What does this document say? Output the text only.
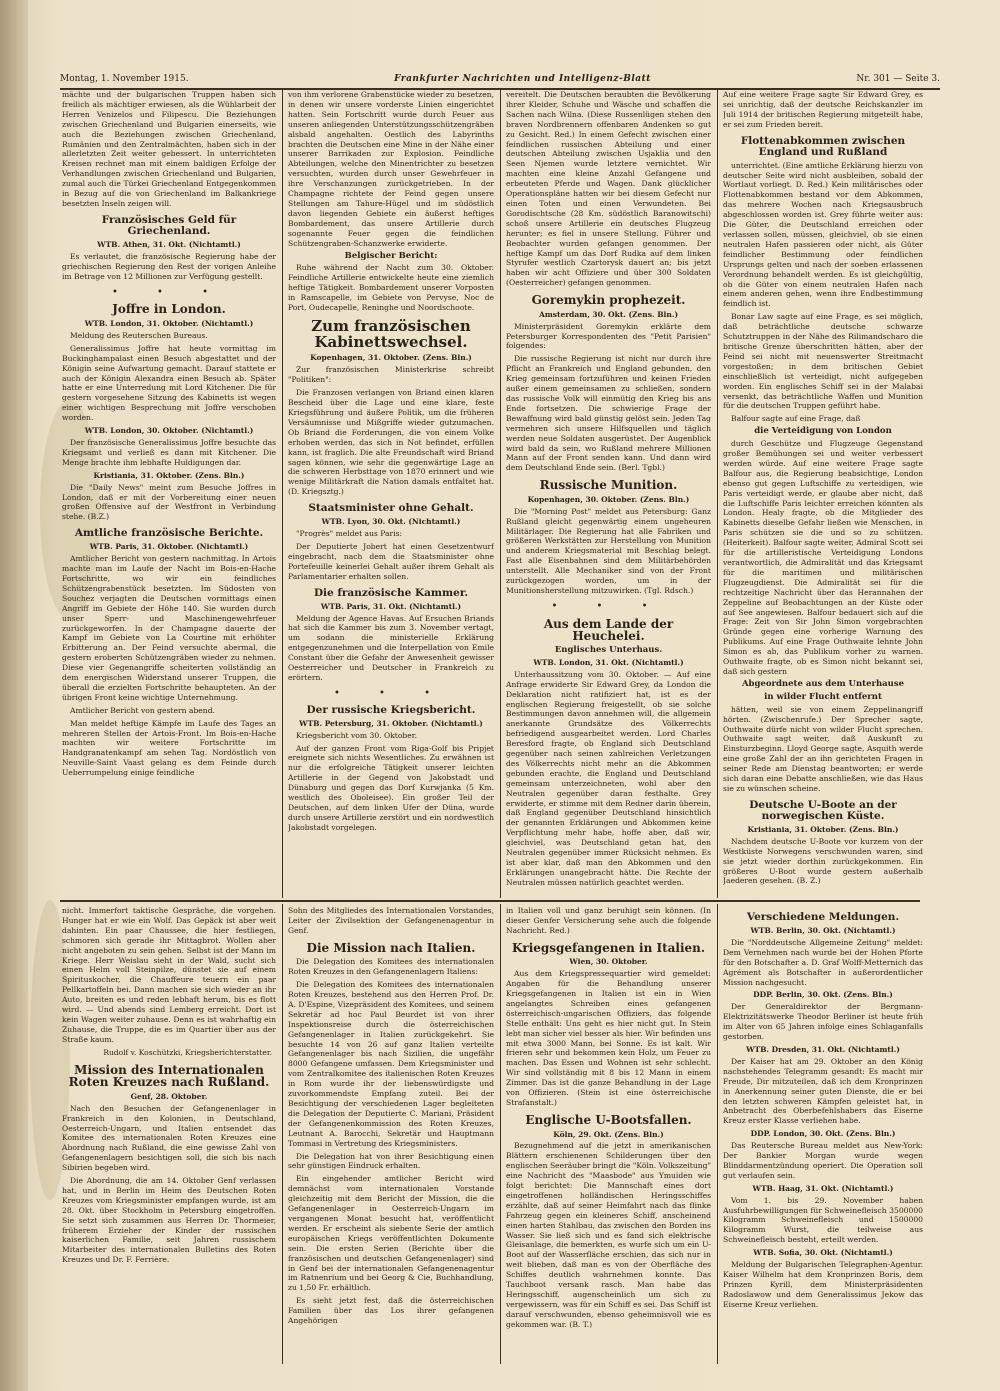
Montag, 1. November 1915.	Frankfurter Nachrichten und Intelligenz-Blatt	Nr. 301 — Seite 3.

mächte und der bulgarischen Truppen haben sich freilich als mächtiger erwiesen, als die Wühlarbeit der Herren Venizelos und Filipescu. Die Beziehungen zwischen Griechenland und Bulgarien einerseits, wie auch die Beziehungen zwischen Griechenland, Rumänien und den Zentralmächten, haben sich in der allerletzten Zeit weiter gebessert. In unterrichteten Kreisen rechnet man mit einem baldigen Erfolge der Verhandlungen zwischen Griechenland und Bulgarien, zumal auch die Türkei Griechenland Entgegenkommen in Bezug auf die von Griechenland im Balkankriege besetzten Inseln zeigen will.

Französisches Geld für Griechenland.
WTB. Athen, 31. Okt. (Nichtamtl.)

Es verlautet, die französische Regierung habe der griechischen Regierung den Rest der vorigen Anleihe im Betrage von 12 Millionen zur Verfügung gestellt.

• • •
Joffre in London.
WTB. London, 31. Oktober. (Nichtamtl.)

Meldung des Reuterschen Bureaus.

Generalissimus Joffre hat heute vormittag im Buckinghampalast einen Besuch abgestattet und der Königin seine Aufwartung gemacht. Darauf stattete er auch der Königin Alexandra einen Besuch ab. Später hatte er eine Unterredung mit Lord Kitchener. Die für gestern vorgesehene Sitzung des Kabinetts ist wegen einer wichtigen Besprechung mit Joffre verschoben worden.

WTB. London, 30. Oktober. (Nichtamtl.)

Der französische Generalissimus Joffre besuchte das Kriegsamt und verließ es dann mit Kitchener. Die Menge brachte ihm lebhafte Huldigungen dar.

Kristiania, 31. Oktober. (Zens. Bln.)

Die "Daily News" meint zum Besuche Joffres in London, daß er mit der Vorbereitung einer neuen großen Offensive auf der Westfront in Verbindung stehe. (B.Z.)

Amtliche französische Berichte.
WTB. Paris, 31. Oktober. (Nichtamtl.)

Amtlicher Bericht von gestern nachmittag. In Artois machte man im Laufe der Nacht im Bois-en-Hache Fortschritte, wo wir ein feindliches Schützengrabenstück besetzten. Im Südosten von Souchez verjagten die Deutschen vormittags einen Angriff im Gebiete der Höhe 140. Sie wurden durch unser Sperr- und Maschinengewehrfeuer zurückgeworfen. In der Champagne dauerte der Kampf im Gebiete von La Courtine mit erhöhter Erbitterung an. Der Feind versuchte abermal, die gestern eroberten Schützengräben wieder zu nehmen. Diese vier Gegenangriffe scheiterten vollständig an dem energischen Widerstand unserer Truppen, die überall die erzielten Fortschritte behaupteten. An der übrigen Front keine wichtige Unternehmung.

Amtlicher Bericht von gestern abend.

Man meldet heftige Kämpfe im Laufe des Tages an mehreren Stellen der Artois-Front. Im Bois-en-Hache machten wir weitere Fortschritte im Handgranatenkampf am sehen Tag. Nordöstlich von Neuville-Saint Vaast gelang es dem Feinde durch Ueberrumpelung einige feindliche

von ihm verlorene Grabenstücke wieder zu besetzen, in denen wir unsere vorderste Linien eingerichtet hatten. Sein Fortschritt wurde durch Feuer aus unseren anliegenden Unterstützungsschützengräben alsbald angehalten. Oestlich des Labyrinths brachten die Deutschen eine Mine in der Nähe einer unserer Barrikaden zur Explosion. Feindliche Abteilungen, welche den Minentrichter zu besetzen versuchten, wurden durch unser Gewehrfeuer in ihre Verschanzungen zurückgetrieben. In der Champagne richtete der Feind gegen unsere Stellungen am Tahure-Hügel und im südöstlich davon liegenden Gebiete ein äußerst heftiges Bombardement, das unsere Artillerie durch sogenannte Feuer gegen die feindlichen Schützengraben-Schanzwerke erwiderte.

Belgischer Bericht:

Ruhe während der Nacht zum 30. Oktober. Feindliche Artillerie entwickelte heute eine ziemlich heftige Tätigkeit. Bombardement unserer Vorposten in Ramscapelle, im Gebiete von Pervyse, Noc de Port, Oudecapelle, Reninghe und Noordschoote.

Zum französischen Kabinettswechsel.
Kopenhagen, 31. Oktober. (Zens. Bln.)

Zur französischen Ministerkrise schreibt "Politiken":

Die Franzosen verlangen von Briand einen klaren Bescheid über die Lage und eine klare, feste Kriegsführung und äußere Politik, um die früheren Versäumnisse und Mißgriffe wieder gutzumachen. Ob Briand die Forderungen, die von einem Volke erhoben werden, das sich in Not befindet, erfüllen kann, ist fraglich. Die alte Freundschaft wird Briand sagen können, wie sehr die gegenwärtige Lage an die schweren Herbsttage von 1870 erinnert und wie wenige Militärkraft die Nation damals entfaltet hat. (D. Kriegsztg.)

Staatsminister ohne Gehalt.
WTB. Lyon, 30. Okt. (Nichtamtl.)

"Progrès" meldet aus Paris:

Der Deputierte Jobert hat einen Gesetzentwurf eingebracht, nach dem die Staatsminister ohne Portefeuille keinerlei Gehalt außer ihrem Gehalt als Parlamentarier erhalten sollen.

Die französische Kammer.
WTB. Paris, 31. Okt. (Nichtamtl.)

Meldung der Agence Havas. Auf Ersuchen Briands hat sich die Kammer bis zum 3. November vertagt, um sodann die ministerielle Erklärung entgegenzunehmen und die Interpellation von Emile Constant über die Gefahr der Anwesenheit gewisser Oesterreicher und Deutscher in Frankreich zu erörtern.

• • •
Der russische Kriegsbericht.
WTB. Petersburg, 31. Oktober. (Nichtamtl.)

Kriegsbericht vom 30. Oktober.

Auf der ganzen Front vom Riga-Golf bis Pripjet ereignete sich nichts Wesentliches. Zu erwähnen ist nur die erfolgreiche Tätigkeit unserer leichten Artillerie in der Gegend von Jakobstadt und Dünaburg und gegen das Dorf Kurwjanka (5 Km. westlich des Oboleisee). Ein großer Teil der Deutschen, auf dem linken Ufer der Düna, wurde durch unsere Artillerie zerstört und ein nordwestlich Jakobstadt vorgelegen.

vereitelt. Die Deutschen beraubten die Bevölkerung ihrer Kleider, Schuhe und Wäsche und schaffen die Sachen nach Wilna. (Diese Russenlügen stehen den braven Nordbrennern offenbaren Andenken so gut zu Gesicht. Red.) In einem Gefecht zwischen einer feindlichen russischen Abteilung und einer deutschen Abteilung zwischen Usjaklia und den Seen Njemen wurde letztere vernichtet. Wir machten eine kleine Anzahl Gefangene und erbeuteten Pferde und Wagen. Dank glücklicher Operationspläne hatten wir bei diesem Gefecht nur einen Toten und einen Verwundeten. Bei Gorodischtsche (28 Km. südöstlich Baranowitschi) schoß unsere Artillerie ein deutsches Flugzeug herunter; es fiel in unsere Stellung. Führer und Beobachter wurden gefangen genommen. Der heftige Kampf um das Dorf Rudka auf dem linken Styrufer westlich Czartorysk dauert an; bis jetzt haben wir acht Offiziere und über 300 Soldaten (Oesterreicher) gefangen genommen.

Goremykin prophezeit.
Amsterdam, 30. Okt. (Zens. Bln.)

Ministerpräsident Goremykin erklärte dem Petersburger Korrespondenten des "Petit Parisien" folgendes:

Die russische Regierung ist nicht nur durch ihre Pflicht an Frankreich und England gebunden, den Krieg gemeinsam fortzuführen und keinen Frieden außer einem gemeinsamen zu schließen, sondern das russische Volk will einmütig den Krieg bis ans Ende fortsetzen. Die schwierige Frage der Bewaffnung wird bald günstig gelöst sein. Jeden Tag vermehren sich unsere Hilfsquellen und täglich werden neue Soldaten ausgerüstet. Der Augenblick wird bald da sein, wo Rußland mehrere Millionen Mann auf der Front senden kann. Und dann wird dem Deutschland Ende sein. (Berl. Tgbl.)

Russische Munition.
Kopenhagen, 30. Oktober. (Zens. Bln.)

Die "Morning Post" meldet aus Petersburg: Ganz Rußland gleicht gegenwärtig einem ungeheuren Militärlager. Die Regierung hat alle Fabriken und größeren Werkstätten zur Herstellung von Munition und anderem Kriegsmaterial mit Beschlag belegt. Fast alle Eisenbahnen sind dem Militärbehörden unterstellt. Alle Mechaniker sind von der Front zurückgezogen worden, um in der Munitionsherstellung mitzuwirken. (Tgl. Rdsch.)

• • •
Aus dem Lande der Heuchelei.
Englisches Unterhaus.
WTB. London, 31. Okt. (Nichtamtl.)

Unterhaussitzung vom 30. Oktober. — Auf eine Anfrage erwiderte Sir Edward Grey, da London die Deklaration nicht ratifiziert hat, ist es der englischen Regierung freigestellt, ob sie solche Bestimmungen davon annehmen will, die allgemein anerkannte Grundsätze des Völkerrechts befriedigend ausgearbeitet werden. Lord Charles Beresford fragte, ob England sich Deutschland gegenüber nach seinen zahlreichen Verletzungen des Völkerrechts nicht mehr an die Abkommen gebunden erachte, die England und Deutschland gemeinsam unterzeichneten, wohl aber den Neutralen gegenüber daran festhalte. Grey erwiderte, er stimme mit dem Redner darin überein, daß England gegenüber Deutschland hinsichtlich der genannten Erklärungen und Abkommen keine Verpflichtung mehr habe, hoffe aber, daß wir, gleichviel, was Deutschland getan hat, den Neutralen gegenüber immer Rücksicht nehmen. Es ist aber klar, daß man den Abkommen und den Erklärungen unangebracht hätte. Die Rechte der Neutralen müssen natürlich geachtet werden.

Auf eine weitere Frage sagte Sir Edward Grey, es sei unrichtig, daß der deutsche Reichskanzler im Juli 1914 der britischen Regierung mitgeteilt habe, er sei zum Frieden bereit.

Flottenabkommen zwischen England und Rußland

unterrichtet. (Eine amtliche Erklärung hierzu von deutscher Seite wird nicht ausbleiben, sobald der Wortlaut vorliegt. D. Red.) Kein militärisches oder Flottenabkommen bestand vor dem Abkommen, das mehrere Wochen nach Kriegsausbruch abgeschlossen worden ist. Grey führte weiter aus: Die Güter, die Deutschland erreichen oder verlassen sollen, müssen, gleichviel, ob sie einen neutralen Hafen passieren oder nicht, als Güter feindlicher Bestimmung oder feindlichen Ursprungs gelten und nach der soeben erlassenen Verordnung behandelt werden. Es ist gleichgültig, ob die Güter von einem neutralen Hafen nach einem anderen gehen, wenn ihre Endbestimmung feindlich ist.

Bonar Law sagte auf eine Frage, es sei möglich, daß beträchtliche deutsche schwarze Schutztruppen in der Nähe des Rilimandscharo die britische Grenze überschritten hätten, aber der Feind sei nicht mit neuenswerter Streitmacht vorgestoßen; in dem britischen Gebiet einschließlich ist verteidigt, nicht aufgegeben worden. Ein englisches Schiff sei in der Malabai versenkt, das beträchtliche Waffen und Munition für die deutschen Truppen geführt habe.

Balfour sagte auf eine Frage, daß

die Verteidigung von London

durch Geschütze und Flugzeuge Gegenstand großer Bemühungen sei und weiter verbessert werden würde. Auf eine weitere Frage sagte Balfour aus, die Regierung beabsichtige, London ebenso gut gegen Luftschiffe zu verteidigen, wie Paris verteidigt werde, er glaube aber nicht, daß die Luftschiffe Paris leichter erreichen könnten als London. Healy fragte, ob die Mitglieder des Kabinetts dieselbe Gefahr ließen wie Menschen, in Paris schützen sie die und so zu schützen. (Heiterkeit). Balfour sagte weiter, Admiral Scott sei für die artilleristische Verteidigung Londons verantwortlich, die Admiralität und das Kriegsamt für die maritimen und militärischen Flugzeugdienst. Die Admiralität sei für die rechtzeitige Nachricht über das Herannahen der Zeppeline auf Beobachtungen an der Küste oder auf See angewiesen. Balfour bedauert sich auf die Frage: Zeit von Sir John Simon vorgebrachten Gründe gegen eine vorherige Warnung des Publikums. Auf eine Frage Outhwaite lehnte John Simon es ab, das Publikum vorher zu warnen. Outhwaite fragte, ob es Simon nicht bekannt sei, daß sich gestern

Abgeordnete aus dem Unterhause
in wilder Flucht entfernt

hätten, weil sie von einem Zeppelinangriff hörten. (Zwischenrufe.) Der Sprecher sagte, Outhwaite dürfe nicht von wilder Flucht sprechen. Outhwaite sagt weiter, daß Auskunft zu Einsturzbeginn. Lloyd George sagte, Asquith werde eine große Zahl der an ihn gerichteten Fragen in seiner Rede am Dienstag beantworten; er werde sich daran eine Debatte anschließen, wie das Haus sie zu wünschen scheine.

Deutsche U-Boote an der norwegischen Küste.
Kristiania, 31. Oktober. (Zens. Bln.)

Nachdem deutsche U-Boote vor kurzem von der Westküste Norwegens verschwunden waren, sind sie jetzt wieder dorthin zurückgekommen. Ein größeres U-Boot wurde gestern außerhalb Jaederen gesehen. (B. Z.)

nicht. Immerfort taktische Gespräche, die vorgehen. Hunger hat er wie ein Wolf. Das Gepäck ist aber weit dahinten. Ein paar Chaussee, die hier festliegen, schmoren sich gerade ihr Mittagbrot. Wollen aber nicht angeboten zu sein gehen. Selbst ist der Mann im Kriege. Herr Weislau sieht in der Wald, sucht sich einen Helm voll Steinpilze, dünstet sie auf einem Spirituskocher, die Chauffeure teuern ein paar Pellkartoffeln bei. Dann machen sie sich wieder an ihr Auto, breiten es und reden lebhaft herum, bis es flott wird. — Und abends sind Lemberg erreicht. Dort ist kein Wagen weiter zuhause. Denn es ist wahrhaftig ein Zuhause, die Truppe, die es im Quartier über aus der Straße kaum.

Rudolf v. Koschützki, Kriegsberichterstatter.
Mission des Internationalen Roten Kreuzes nach Rußland.
Genf, 28. Oktober.

Nach den Besuchen der Gefangenenlager in Frankreich in den Kolonien, in Deutschland, Oesterreich-Ungarn, und Italien entsendet das Komitee des internationalen Roten Kreuzes eine Abordnung nach Rußland, die eine gewisse Zahl von Gefangenenlagern besichtigen soll, die sich bis nach Sibirien begeben wird.

Die Abordnung, die am 14. Oktober Genf verlassen hat, und in Berlin im Heim des Deutschen Roten Kreuzes vom Kriegsminister empfangen wurde, ist am 28. Okt. über Stockholm in Petersburg eingetroffen. Sie setzt sich zusammen aus Herren Dr. Thormeier, früherem Erzieher der Kinder der russischen kaiserlichen Familie, seit Jahren russischem Mitarbeiter des internationalen Bulletins des Roten Kreuzes und Dr. F. Ferrière.

Sohn des Mitgliedes des Internationalen Vorstandes, Leiter der Zivilsektion der Gefangenenagentur in Genf.

Die Mission nach Italien.

Die Delegation des Komitees des internationalen Roten Kreuzes in den Gefangenenlagern Italiens:

Die Delegation des Komitees des internationalen Roten Kreuzes, bestehend aus den Herren Prof. Dr. A. D'Espine, Vizepräsident des Komitees, und seinem Sekretär ad hoc Paul Beurdet ist von ihrer Inspektionsreise durch die österreichischen Gefangenenlager in Italien zurückgekehrt. Sie besuchte 14 von 26 auf ganz Italien verteilte Gefangenenlager bis nach Sizilien, die ungefähr 8000 Gefangene umfassen. Dem Kriegsminister und vom Zentralkomitee des italienischen Roten Kreuzes in Rom wurde ihr der liebenswürdigste und zuvorkommendste Empfang zuteil. Bei der Besichtigung der verschiedenen Lager begleiteten die Delegation der Deputierte C. Mariani, Präsident der Gefangenenkommission des Roten Kreuzes, Leutnant A. Barocchi, Sekretär und Hauptmann Tommasi in Vertretung des Kriegsministers.

Die Delegation hat von ihrer Besichtigung einen sehr günstigen Eindruck erhalten.

Ein eingehender amtlicher Bericht wird demnächst vom internationalen Vorstande gleichzeitig mit dem Bericht der Mission, die die Gefangenenlager in Oesterreich-Ungarn im vergangenen Monat besucht hat, veröffentlicht werden. Er erscheint als siebente Serie der amtlich europäischen Kriegs veröffentlichten Dokumente sein. Die ersten Serien (Berichte über die französischen und deutschen Gefangenenlager) sind in Genf bei der internationalen Gefangenenagentur im Ratnenrium und bei Georg & Cie, Buchhandlung, zu 1,50 Fr. erhältlich.

Es sieht jetzt fest, daß die österreichischen Familien über das Los ihrer gefangenen Angehörigen

in Italien voll und ganz beruhigt sein können. (In dieser Genfer Versicherung sehe auch die folgende Nachricht. Red.)

Kriegsgefangenen in Italien.
Wien, 30. Oktober.

Aus dem Kriegspressequartier wird gemeldet: Angaben für die Behandlung unserer Kriegsgefangenen in Italien ist ein in Wien angelangtes Schreiben eines gefangenen österreichisch-ungarischen Offiziers, das folgende Stelle enthält: Uns geht es hier nicht gut. In Stein lebt man sicher viel besser als hier. Wir befinden uns mit etwa 3000 Mann, bei Sonne. Es ist kalt. Wir frieren sehr und bekommen kein Holz, um Feuer zu machen. Das Essen und Wohnen ist sehr schlecht. Wir sind vollständig mit 8 bis 12 Mann in einem Zimmer. Das ist die ganze Behandlung in der Lage von Offizieren. (Stein ist eine österreichische Strafanstalt.)

Englische U-Bootsfallen.
Köln, 29. Okt. (Zens. Bln.)

Bezugnehmend auf die jetzt in amerikanischen Blättern erschienenen Schilderungen über den englischen Seeräuber bringt die "Köln. Volkszeitung" eine Nachricht des "Maasbode" aus Ymuiden wie folgt berichtet: Die Mannschaft eines dort eingetroffenen holländischen Heringsschiffes erzählte, daß auf seiner Heimfahrt nach das flinke Fahrzeug gegen ein kleineres Schiff, anscheinend einen harten Stahlbau, das zwischen den Borden ins Wasser. Sie ließ sich und es fand sich elektrische Gleisanlage, die bemerkten, es wurfe sich um ein U-Boot auf der Wasserfläche erschien, das sich nur in weit blieben, daß man es von der Oberfläche des Schiffes deutlich wahrnehmen konnte. Das Tauchboot versank rasch. Man habe das Heringsschiff, augenscheinlich um sich zu vergewissern, was für ein Schiff es sei. Das Schiff ist darauf verschwunden, ebenso geheimnisvoll wie es gekommen war. (B. T.)

Verschiedene Meldungen.
WTB. Berlin, 30. Okt. (Nichtamtl.)

Die "Norddeutsche Allgemeine Zeitung" meldet: Dem Vernehmen nach wurde bei der Hohen Pforte für den Botschafter a. D. Graf Wolff-Metternich das Agrément als Botschafter in außerordentlicher Mission nachgesucht.

DDP. Berlin, 30. Okt. (Zens. Bln.)

Der Generaldirektor der Bergmann-Elektrizitätswerke Theodor Berliner ist heute früh im Alter von 65 Jahren infolge eines Schlaganfalls gestorben.

WTB. Dresden, 31. Okt. (Nichtamtl.)

Der Kaiser hat am 29. Oktober an den König nachstehendes Telegramm gesandt: Es macht mir Freude, Dir mitzuteilen, daß ich dem Kronprinzen in Anerkennung seiner guten Dienste, die er bei den letzten schweren Kämpfen geleistet hat, in Anbetracht des Oberbefehlshabers das Eiserne Kreuz erster Klasse verliehen habe.

DDP. London, 30. Okt. (Zens. Bln.)

Das Reutersche Bureau meldet aus New-York: Der Bankier Morgan wurde wegen Blinddarmentzündung operiert. Die Operation soll gut verlaufen sein.

WTB. Haag, 31. Okt. (Nichtamtl.)

Vom 1. bis 29. November haben Ausfuhrbewilligungen für Schweinefleisch 3500000 Kilogramm Schweinefleisch und 1500000 Kilogramm Wurst, die teilweise aus Schweinefleisch besteht, erteilt werden.

WTB. Sofia, 30. Okt. (Nichtamtl.)

Meldung der Bulgarischen Telegraphen-Agentur. Kaiser Wilhelm hat dem Kronprinzen Boris, dem Prinzen Kyrill, dem Ministerpräsidenten Radoslawow und dem Generalissimus Jekow das Eiserne Kreuz verliehen.
